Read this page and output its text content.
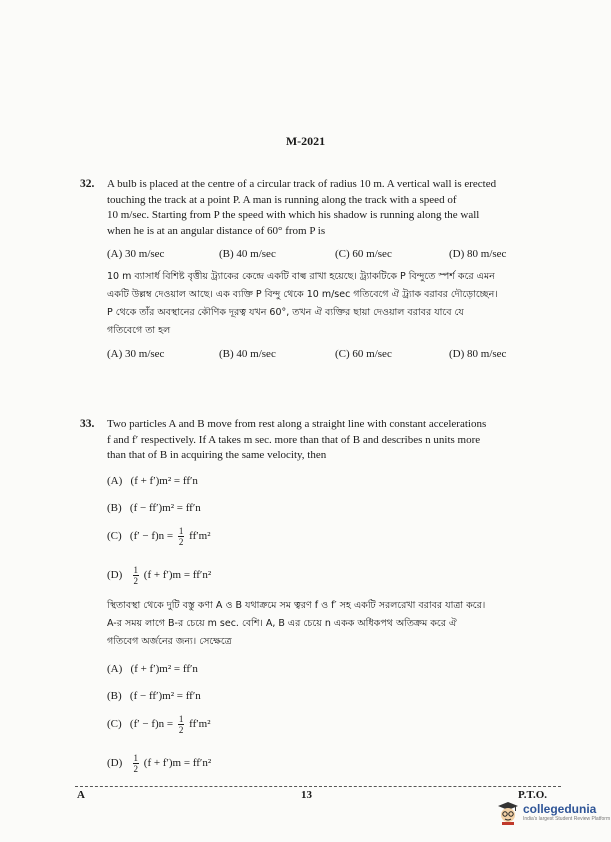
M-2021
32. A bulb is placed at the centre of a circular track of radius 10 m. A vertical wall is erected
touching the track at a point P. A man is running along the track with a speed of
10 m/sec. Starting from P the speed with which his shadow is running along the wall
when he is at an angular distance of 60° from P is
(A) 30 m/sec	(B) 40 m/sec	(C) 60 m/sec	(D) 80 m/sec
10 m ব্যাসার্ধ বিশিষ্ট বৃত্তীয় ট্র্যাকের কেন্দ্রে একটি বাল্ব রাখা হয়েছে। ট্র্যাকটিকে P বিন্দুতে স্পর্শ করে এমন
একটি উল্লম্ব দেওয়াল আছে। এক ব্যক্তি P বিন্দু থেকে 10 m/sec গতিবেগে ঐ ট্র্যাক বরাবর দৌড়োচ্ছেন।
P থেকে তাঁর অবস্থানের কৌণিক দূরত্ব যখন 60°, তখন ঐ ব্যক্তির ছায়া দেওয়াল বরাবর যাবে যে
গতিবেগে তা হল
(A) 30 m/sec	(B) 40 m/sec	(C) 60 m/sec	(D) 80 m/sec
33. Two particles A and B move from rest along a straight line with constant accelerations
f and f′ respectively. If A takes m sec. more than that of B and describes n units more
than that of B in acquiring the same velocity, then
(A) (f + f′)m² = ff′n
(B) (f − ff′)m² = ff′n
(C) $(f' - f)n = \frac{1}{2} ff'm^2$
$(D) \frac{1}{2} (f + f')m = ff'n^2$
স্থিতাবস্থা থেকে দুটি বস্তু কণা A ও B যথাক্রমে সম ত্বরণ f ও f′ সহ একটি সরলরেখা বরাবর যাত্রা করে।
A-র সময় লাগে B-র চেয়ে m sec. বেশি। A, B এর চেয়ে n একক অধিকপথ অতিক্রম করে ঐ
গতিবেগ অর্জনের জন্য। সেক্ষেত্রে
(A) (f + f′)m² = ff′n
(B) (f − ff′)m² = ff′n
(C) $(f' - f)n = \frac{1}{2} ff'm^2$
$(D) \frac{1}{2} (f + f')m = ff'n^2$
A	13	P.T.O.
collegedunia
India's largest Student Review Platform
